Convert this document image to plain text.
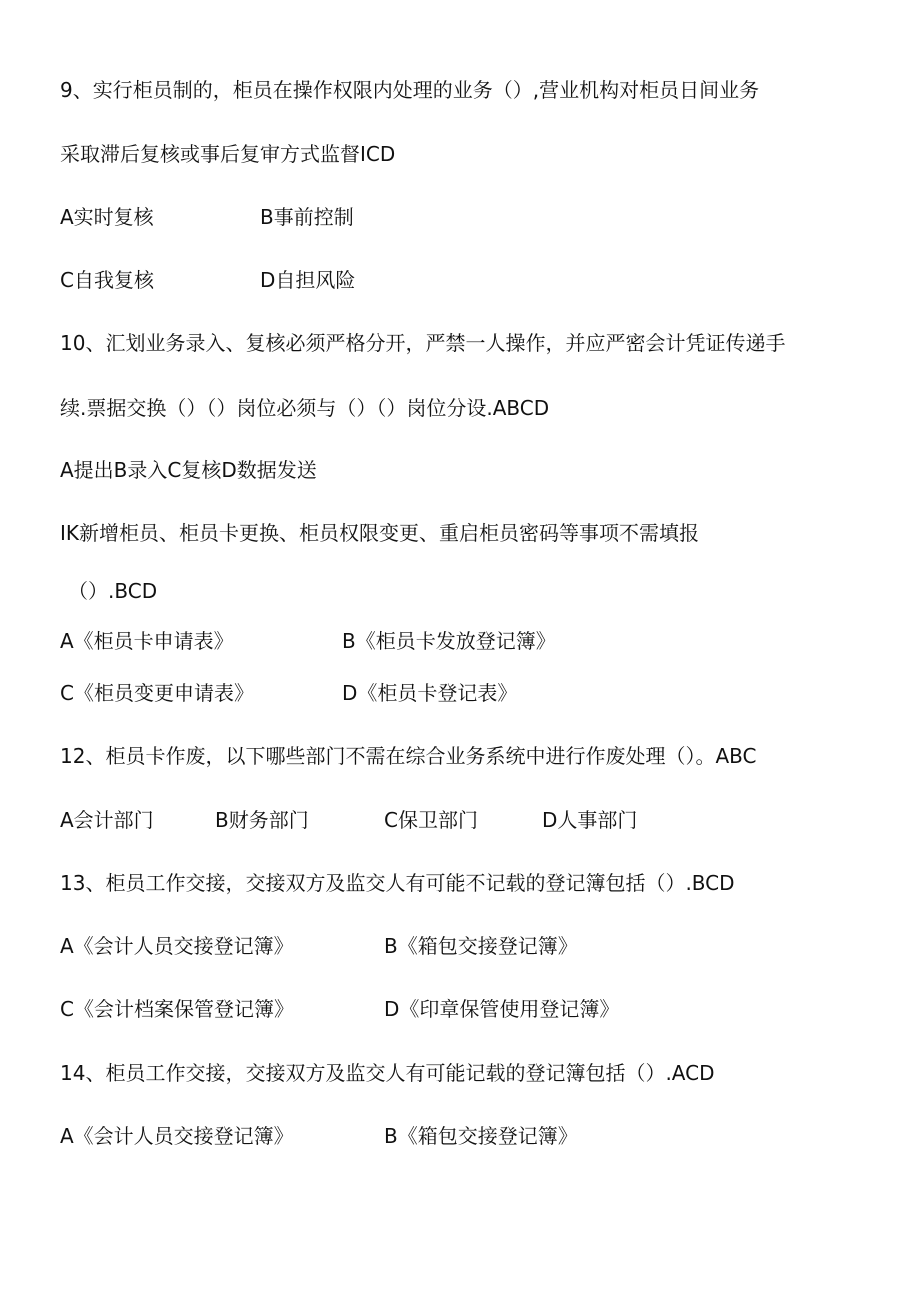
9、实行柜员制的，柜员在操作权限内处理的业务（）,营业机构对柜员日间业务
采取滞后复核或事后复审方式监督ICD
A实时复核	B事前控制
C自我复核	D自担风险
10、汇划业务录入、复核必须严格分开，严禁一人操作，并应严密会计凭证传递手
续.票据交换（）（）岗位必须与（）（）岗位分设.ABCD
A提出B录入C复核D数据发送
IK新增柜员、柜员卡更换、柜员权限变更、重启柜员密码等事项不需填报
（）.BCD
A《柜员卡申请表》	B《柜员卡发放登记簿》
C《柜员变更申请表》	D《柜员卡登记表》
12、柜员卡作废，以下哪些部门不需在综合业务系统中进行作废处理（）。ABC
A会计部门	B财务部门	C保卫部门	D人事部门
13、柜员工作交接，交接双方及监交人有可能不记载的登记簿包括（）.BCD
A《会计人员交接登记簿》	B《箱包交接登记簿》
C《会计档案保管登记簿》	D《印章保管使用登记簿》
14、柜员工作交接，交接双方及监交人有可能记载的登记簿包括（）.ACD
A《会计人员交接登记簿》	B《箱包交接登记簿》
